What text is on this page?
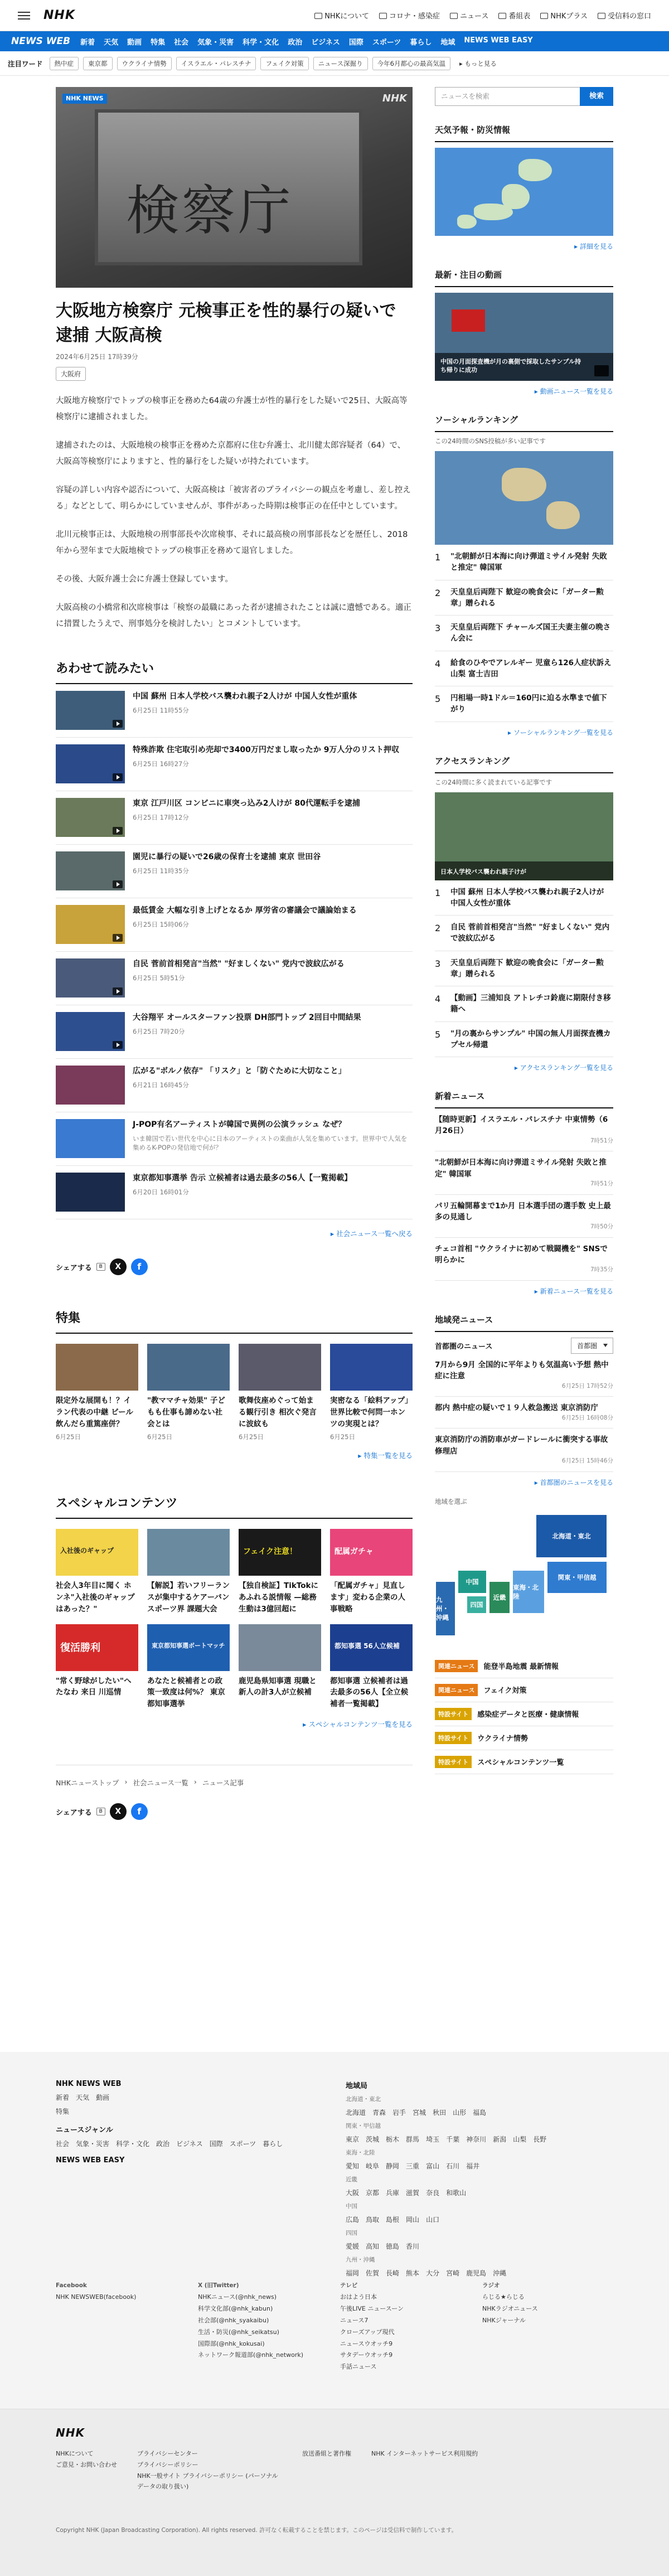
NHK	NHKについて	コロナ・感染症	ニュース	番組表	NHKプラス	受信料の窓口
NEWS WEB 新着 天気 動画 特集 社会 気象・災害 科学・文化 政治 ビジネス 国際 スポーツ 暮らし 地域 NEWS WEB EASY
注目ワード	熱中症	東京都	ウクライナ情勢	イスラエル・パレスチナ	フェイク対策	ニュース深掘り	今年6月都心の最高気温	▸ もっと見る
NHK NEWS	NHK
検察庁
大阪地方検察庁 元検事正を性的暴行の疑いで逮捕 大阪高検
2024年6月25日 17時39分
大阪府

大阪地方検察庁でトップの検事正を務めた64歳の弁護士が性的暴行をした疑いで25日、大阪高等検察庁に逮捕されました。

逮捕されたのは、大阪地検の検事正を務めた京都府に住む弁護士、北川健太郎容疑者（64）で、大阪高等検察庁によりますと、性的暴行をした疑いが持たれています。

容疑の詳しい内容や認否について、大阪高検は「被害者のプライバシーの観点を考慮し、差し控える」などとして、明らかにしていませんが、事件があった時期は検事正の在任中としています。

北川元検事正は、大阪地検の刑事部長や次席検事、それに最高検の刑事部長などを歴任し、2018年から翌年まで大阪地検でトップの検事正を務めて退官しました。

その後、大阪弁護士会に弁護士登録しています。

大阪高検の小橋常和次席検事は「検察の最職にあった者が逮捕されたことは誠に遺憾である。適正に措置したうえで、刑事処分を検討したい」とコメントしています。

あわせて読みたい
中国 蘇州 日本人学校バス襲われ親子2人けが 中国人女性が重体
6月25日 11時55分
特殊詐欺 住宅取引め売却で3400万円だまし取ったか 9万人分のリスト押収
6月25日 16時27分
東京 江戸川区 コンビニに車突っ込み2人けが 80代運転手を逮捕
6月25日 17時12分
園児に暴行の疑いで26歳の保育士を逮捕 東京 世田谷
6月25日 11時35分
最低賃金 大幅な引き上げとなるか 厚労省の審議会で議論始まる
6月25日 15時06分
自民 菅前首相発言"当然" "好ましくない" 党内で波紋広がる
6月25日 5時51分
大谷翔平 オールスターファン投票 DH部門トップ 2回目中間結果
6月25日 7時20分
広がる"ボルノ依存" 「リスク」と「防ぐために大切なこと」
6月21日 16時45分
J-POP有名アーティストが韓国で異例の公演ラッシュ なぜ？
いま韓国で若い世代を中心に日本のアーティストの楽曲が人気を集めています。世界中で人気を集めるK-POPの発信地で何が？
東京都知事選挙 告示 立候補者は過去最多の56人【一覧掲載】
6月20日 16時01分
▸ 社会ニュース一覧へ戻る
シェアする	B	X	f
特集
限定外な展開も！？イラン代表の中継 ビール飲んだら重篤座併？
6月25日
"教ママチャ効果" 子どもも仕事も諦めない社会とは
6月25日
歌舞伎座めぐって始まる観行引き 相次ぐ発言に波紋も
6月25日
実密なる「絵料アップ」 世界比較で何問一ホンツの実現とは？
6月25日
▸ 特集一覧を見る
スペシャルコンテンツ
入社後のギャップ
社会人3年目に聞く ホンネ"入社後のギャップはあった？"
【解説】若いフリーランスが集中するケアーバンスポーツ界 課題大会
フェイク注意！
【独自検証】TikTokにあふれる説情報 —総務生動は3億回超に
配属ガチャ
「配属ガチャ」見直します」変わる企業の人事戦略
復活勝利
"常く野球がしたい"へたなわ 来日 川巡情
東京都知事選ボートマッチ
あなたと候補者との政策一致度は何%？ 東京都知事選挙
鹿児島県知事選 現職と新人の計3人が立候補
都知事選 56人立候補
都知事選 立候補者は過去最多の56人【全立候補者一覧掲載】
▸ スペシャルコンテンツ一覧を見る
NHKニューストップ › 社会ニュース一覧 › ニュース記事
シェアする	B	X	f
ニュースを検索	検索
天気予報・防災情報
▸ 詳細を見る
最新・注目の動画
中国の月面探査機が月の裏側で採取したサンプル持ち帰りに成功
▸ 動画ニュース一覧を見る
ソーシャルランキング
この24時間のSNS投稿が多い記事です
1 "北朝鮮が日本海に向け弾道ミサイル発射 失敗と推定" 韓国軍
2 天皇皇后両陛下 歓迎の晩食会に「ガーター勲章」贈られる
3 天皇皇后両陛下 チャールズ国王夫妻主催の晩さん会に
4 給食のひやでアレルギー 児童ら126人症状訴え山梨 富士吉田
5 円相場一時1ドル＝160円に迫る水準まで値下がり
▸ ソーシャルランキング一覧を見る
アクセスランキング
この24時間に多く読まれている記事です
日本人学校バス襲われ親子けが
1 中国 蘇州 日本人学校バス襲われ親子2人けが 中国人女性が重体
2 自民 菅前首相発言"当然" "好ましくない" 党内で波紋広がる
3 天皇皇后両陛下 歓迎の晩食会に「ガーター勲章」贈られる
4 【動画】三浦知良 アトレチコ鈴鹿に期限付き移籍へ
5 "月の裏からサンプル" 中国の無人月面探査機カプセル帰還
▸ アクセスランキング一覧を見る
新着ニュース
【随時更新】イスラエル・パレスチナ 中東情勢（6月26日）
7時51分
"北朝鮮が日本海に向け弾道ミサイル発射 失敗と推定" 韓国軍
7時51分
パリ五輪開幕まで1か月 日本選手団の選手数 史上最多の見通し
7時50分
チェコ首相 "ウクライナに初めて戦闘機を" SNSで明らかに
7時35分
▸ 新着ニュース一覧を見る
地域発ニュース
首都圏のニュース	首都圏
7月から9月 全国的に平年よりも気温高い予想 熱中症に注意
6月25日 17時52分
都内 熱中症の疑いで１９人救急搬送 東京消防庁
6月25日 16時08分
東京消防庁の消防車がガードレールに衝突する事故 修理店
6月25日 15時46分
▸ 首都圏のニュースを見る
地域を選ぶ
北海道・東北
関東・甲信越
東海・北陸
近畿
中国
四国
九州・沖縄
関連ニュース	能登半島地震 最新情報
関連ニュース	フェイク対策
特設サイト	感染症データと医療・健康情報
特設サイト	ウクライナ情勢
特設サイト	スペシャルコンテンツ一覧
NHK NEWS WEB
新着 天気 動画
特集
ニュースジャンル
社会 気象・災害 科学・文化 政治 ビジネス 国際 スポーツ 暮らし
NEWS WEB EASY
地域局
北海道・東北
北海道 青森 岩手 宮城 秋田 山形 福島
関東・甲信越
東京 茨城 栃木 群馬 埼玉 千葉 神奈川 新潟 山梨 長野
東海・北陸
愛知 岐阜 静岡 三重 富山 石川 福井
近畿
大阪 京都 兵庫 滋賀 奈良 和歌山
中国
広島 鳥取 島根 岡山 山口
四国
愛媛 高知 徳島 香川
九州・沖縄
福岡 佐賀 長崎 熊本 大分 宮崎 鹿児島 沖縄
Facebook
NHK NEWSWEB(facebook)
X (旧Twitter)
NHKニュース(@nhk_news)
科学文化部(@nhk_kabun)
社会部(@nhk_syakaibu)
生活・防災(@nhk_seikatsu)
国際部(@nhk_kokusai)
ネットワーク報道部(@nhk_network)
テレビ
おはよう日本
午後LIVE ニュースーン
ニュース7
クローズアップ現代
ニュースウオッチ9
サタデーウオッチ9
手話ニュース
ラジオ
らじる★らじる
NHKラジオニュース
NHKジャーナル
NHK
NHKについて
ご意見・お問い合わせ
プライバシーセンター
プライバシーポリシー
NHK一般サイト プライバシーポリシー (パーソナルデータの取り扱い)
放送番組と著作権	NHK インターネットサービス利用規約
Copyright NHK (Japan Broadcasting Corporation). All rights reserved. 許可なく転載することを禁じます。このページは受信料で制作しています。
